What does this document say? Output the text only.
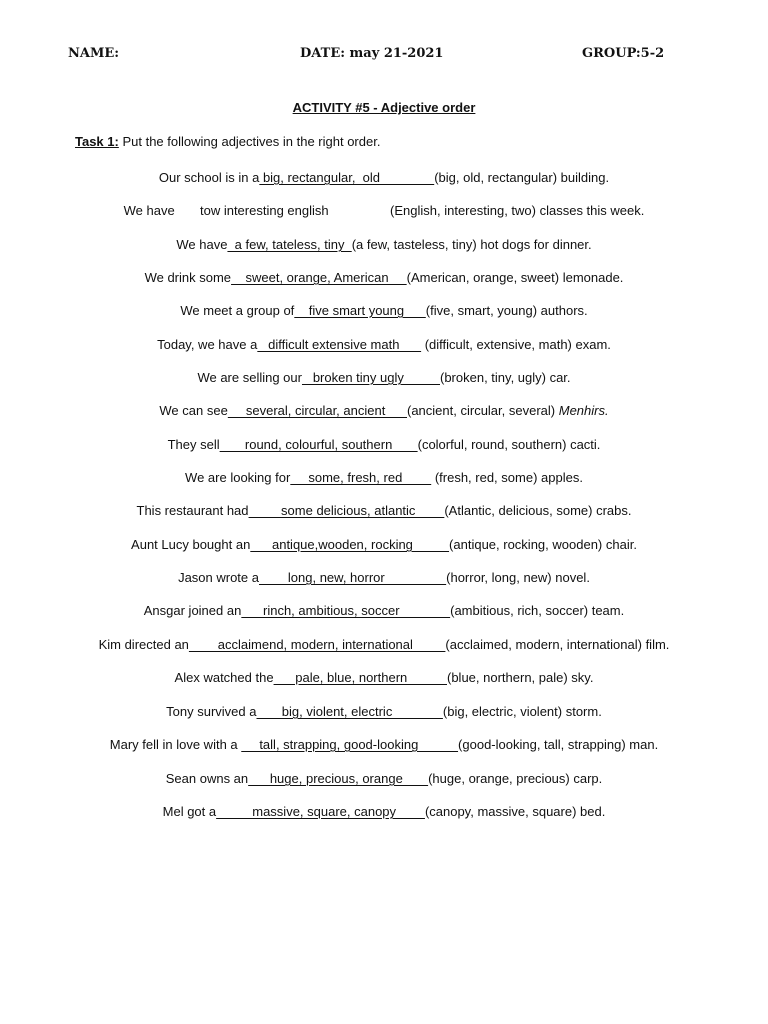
NAME:	DATE: may 21-2021	GROUP:5-2
ACTIVITY #5 - Adjective order
Task 1: Put the following adjectives in the right order.
Our school is in a big, rectangular,  old               (big, old, rectangular) building.
We have       tow interesting english                 (English, interesting, two) classes this week.
We have  a few, tateless, tiny  (a few, tasteless, tiny) hot dogs for dinner.
We drink some    sweet, orange, American     (American, orange, sweet) lemonade.
We meet a group of    five smart young      (five, smart, young) authors.
Today, we have a   difficult extensive math       (difficult, extensive, math) exam.
We are selling our   broken tiny ugly          (broken, tiny, ugly) car.
We can see     several, circular, ancient      (ancient, circular, several) Menhirs.
They sell       round, colourful, southern       (colorful, round, southern) cacti.
We are looking for     some, fresh, red         (fresh, red, some) apples.
This restaurant had         some delicious, atlantic        (Atlantic, delicious, some) crabs.
Aunt Lucy bought an      antique,wooden, rocking          (antique, rocking, wooden) chair.
Jason wrote a        long, new, horror                 (horror, long, new) novel.
Ansgar joined an      rinch, ambitious, soccer              (ambitious, rich, soccer) team.
Kim directed an        acclaimend, modern, international         (acclaimed, modern, international) film.
Alex watched the      pale, blue, northern           (blue, northern, pale) sky.
Tony survived a       big, violent, electric              (big, electric, violent) storm.
Mary fell in love with a      tall, strapping, good-looking           (good-looking, tall, strapping) man.
Sean owns an      huge, precious, orange       (huge, orange, precious) carp.
Mel got a          massive, square, canopy        (canopy, massive, square) bed.
